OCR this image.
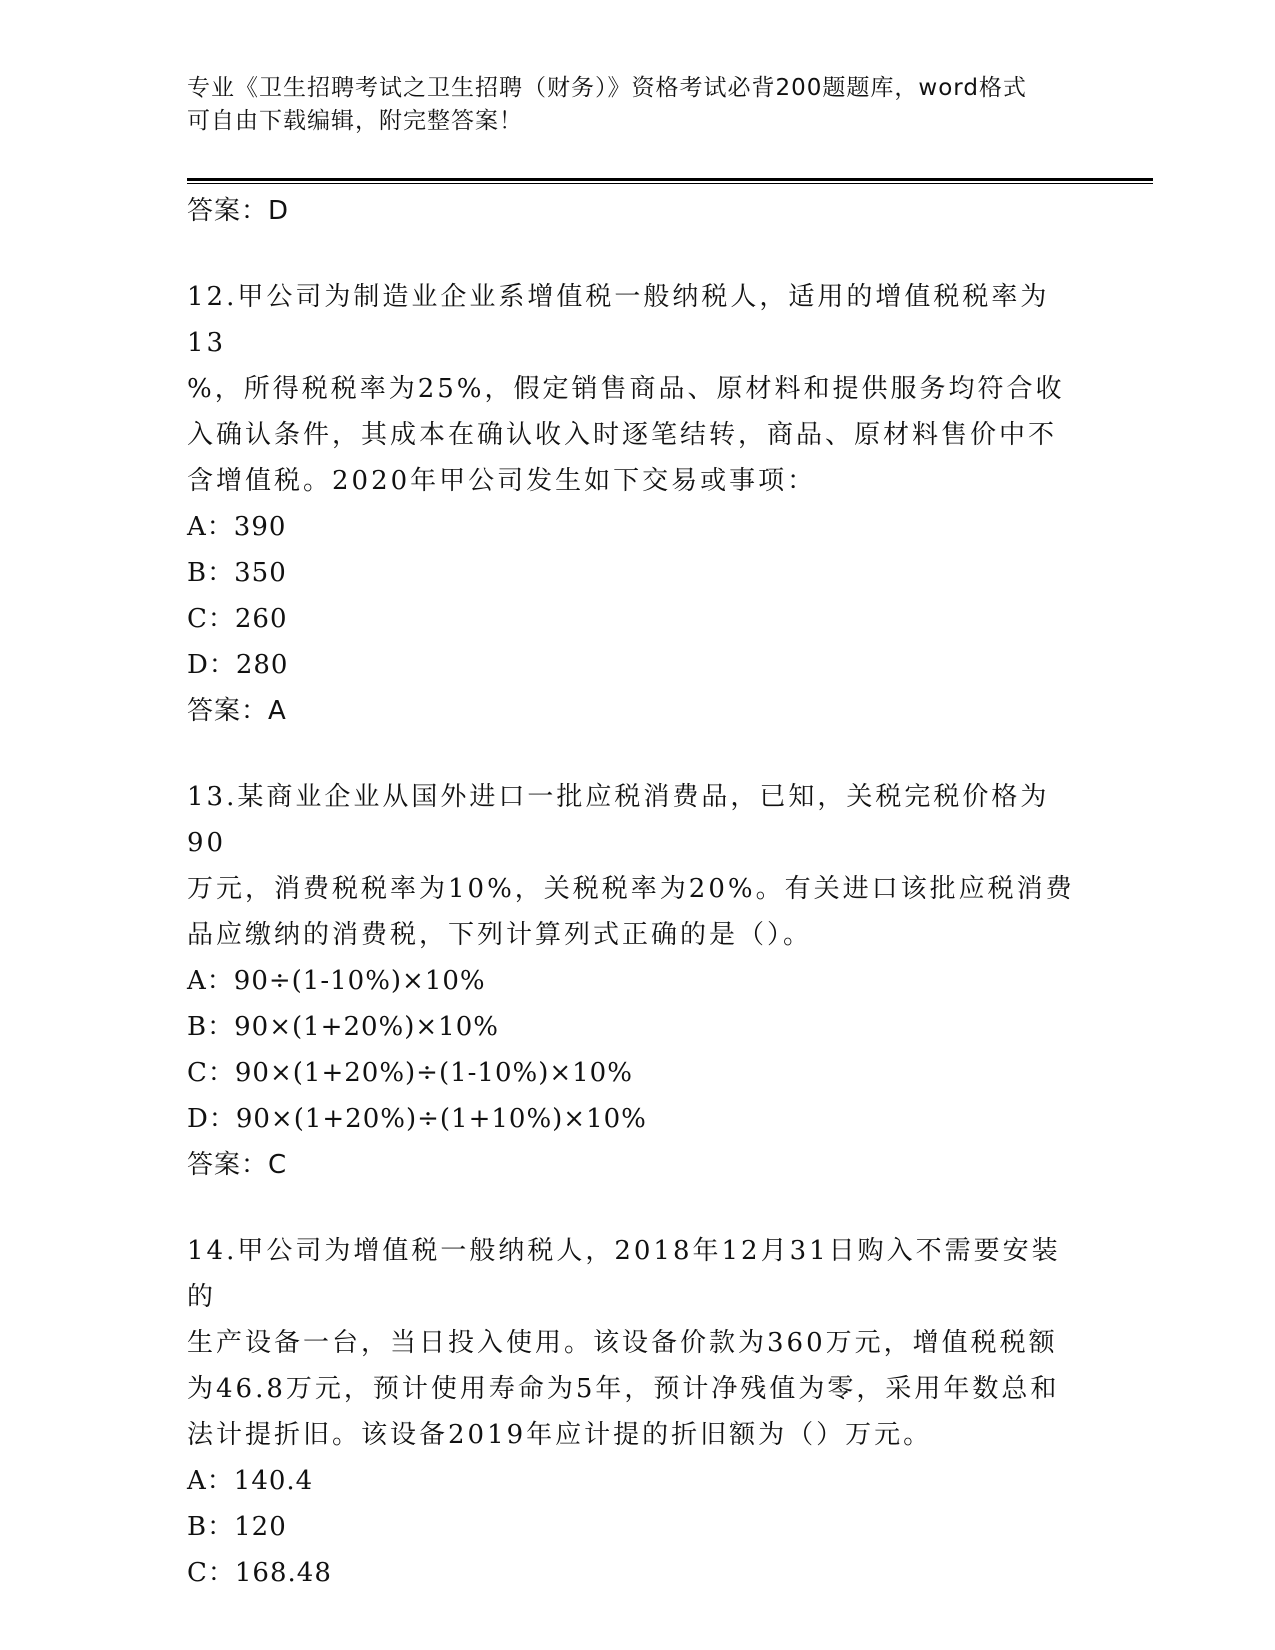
专业《卫生招聘考试之卫生招聘（财务）》资格考试必背200题题库，word格式
可自由下载编辑，附完整答案！
答案：D
12.甲公司为制造业企业系增值税一般纳税人，适用的增值税税率为13
%，所得税税率为25%，假定销售商品、原材料和提供服务均符合收
入确认条件，其成本在确认收入时逐笔结转，商品、原材料售价中不
含增值税。2020年甲公司发生如下交易或事项：
A：390
B：350
C：260
D：280
答案：A
13.某商业企业从国外进口一批应税消费品，已知，关税完税价格为90
万元，消费税税率为10%，关税税率为20%。有关进口该批应税消费
品应缴纳的消费税，下列计算列式正确的是（）。
A：90÷(1-10%)×10%
B：90×(1+20%)×10%
C：90×(1+20%)÷(1-10%)×10%
D：90×(1+20%)÷(1+10%)×10%
答案：C
14.甲公司为增值税一般纳税人，2018年12月31日购入不需要安装的
生产设备一台，当日投入使用。该设备价款为360万元，增值税税额
为46.8万元，预计使用寿命为5年，预计净残值为零，采用年数总和
法计提折旧。该设备2019年应计提的折旧额为（）万元。
A：140.4
B：120
C：168.48
